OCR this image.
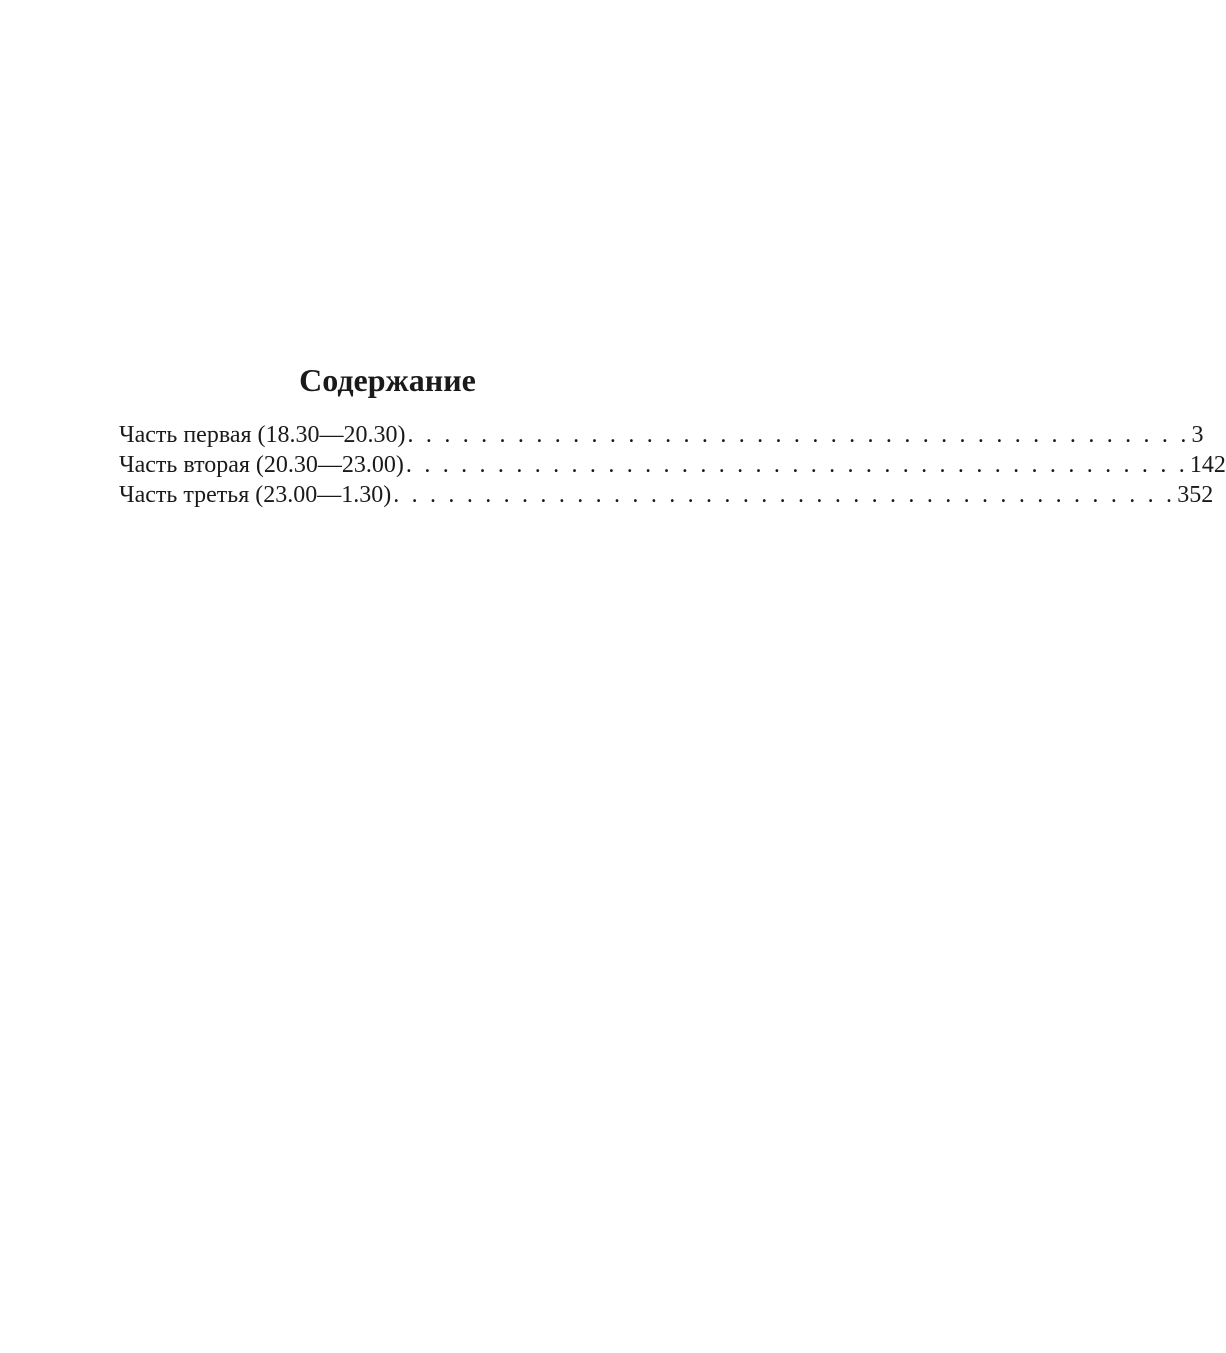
Содержание
Часть первая (18.30—20.30) . . . . . . . . . . . . . . . . . . . . . . . . . . . . . . . . . . . . . . . . . . . 3
Часть вторая (20.30—23.00) . . . . . . . . . . . . . . . . . . . . . . . . . . . . . . . . . . . . . . . . . . . 142
Часть третья (23.00—1.30) . . . . . . . . . . . . . . . . . . . . . . . . . . . . . . . . . . . . . . . . . . . 352
